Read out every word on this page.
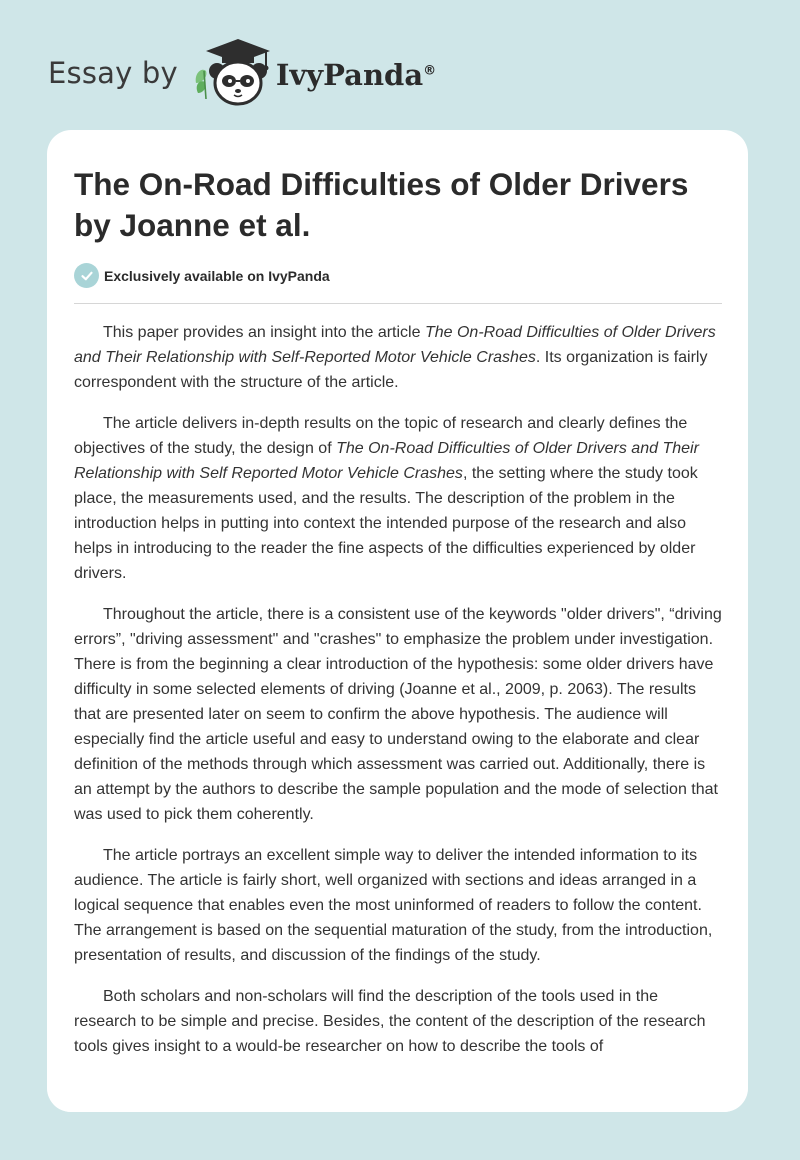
Essay by	IvyPanda®
The On-Road Difficulties of Older Drivers by Joanne et al.
Exclusively available on IvyPanda

This paper provides an insight into the article The On-Road Difficulties of Older Drivers and Their Relationship with Self-Reported Motor Vehicle Crashes. Its organization is fairly correspondent with the structure of the article.

The article delivers in-depth results on the topic of research and clearly defines the objectives of the study, the design of The On-Road Difficulties of Older Drivers and Their Relationship with Self Reported Motor Vehicle Crashes, the setting where the study took place, the measurements used, and the results. The description of the problem in the introduction helps in putting into context the intended purpose of the research and also helps in introducing to the reader the fine aspects of the difficulties experienced by older drivers.

Throughout the article, there is a consistent use of the keywords "older drivers", “driving errors”, "driving assessment" and "crashes" to emphasize the problem under investigation. There is from the beginning a clear introduction of the hypothesis: some older drivers have difficulty in some selected elements of driving (Joanne et al., 2009, p. 2063). The results that are presented later on seem to confirm the above hypothesis. The audience will especially find the article useful and easy to understand owing to the elaborate and clear definition of the methods through which assessment was carried out. Additionally, there is an attempt by the authors to describe the sample population and the mode of selection that was used to pick them coherently.

The article portrays an excellent simple way to deliver the intended information to its audience. The article is fairly short, well organized with sections and ideas arranged in a logical sequence that enables even the most uninformed of readers to follow the content. The arrangement is based on the sequential maturation of the study, from the introduction, presentation of results, and discussion of the findings of the study.

Both scholars and non-scholars will find the description of the tools used in the research to be simple and precise. Besides, the content of the description of the research tools gives insight to a would-be researcher on how to describe the tools of
